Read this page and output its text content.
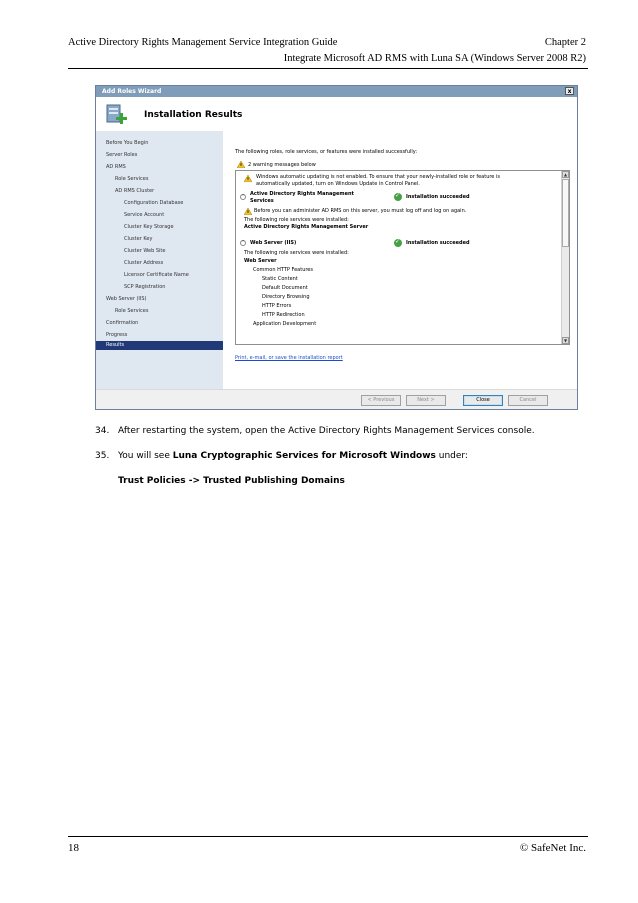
Active Directory Rights Management Service Integration Guide	Chapter 2
Integrate Microsoft AD RMS with Luna SA (Windows Server 2008 R2)
Add Roles Wizard	x
Installation Results
Before You Begin
Server Roles
AD RMS
Role Services
AD RMS Cluster
Configuration Database
Service Account
Cluster Key Storage
Cluster Key
Cluster Web Site
Cluster Address
Licensor Certificate Name
SCP Registration
Web Server (IIS)
Role Services
Confirmation
Progress
Results
The following roles, role services, or features were installed successfully:
2 warning messages below
Windows automatic updating is not enabled. To ensure that your newly-installed role or feature is
automatically updated, turn on Windows Update in Control Panel.
^ Active Directory Rights Management
Services
✓
Installation succeeded
Before you can administer AD RMS on this server, you must log off and log on again.
The following role services were installed:
Active Directory Rights Management Server
^ Web Server (IIS)
✓	Installation succeeded
The following role services were installed:
Web Server
Common HTTP Features
Static Content
Default Document
Directory Browsing
HTTP Errors
HTTP Redirection
Application Development
▲
▼
Print, e-mail, or save the installation report
< Previous	Next >	Close	Cancel
34. After restarting the system, open the Active Directory Rights Management Services console.
35. You will see Luna Cryptographic Services for Microsoft Windows under:
Trust Policies -> Trusted Publishing Domains
18	© SafeNet Inc.
